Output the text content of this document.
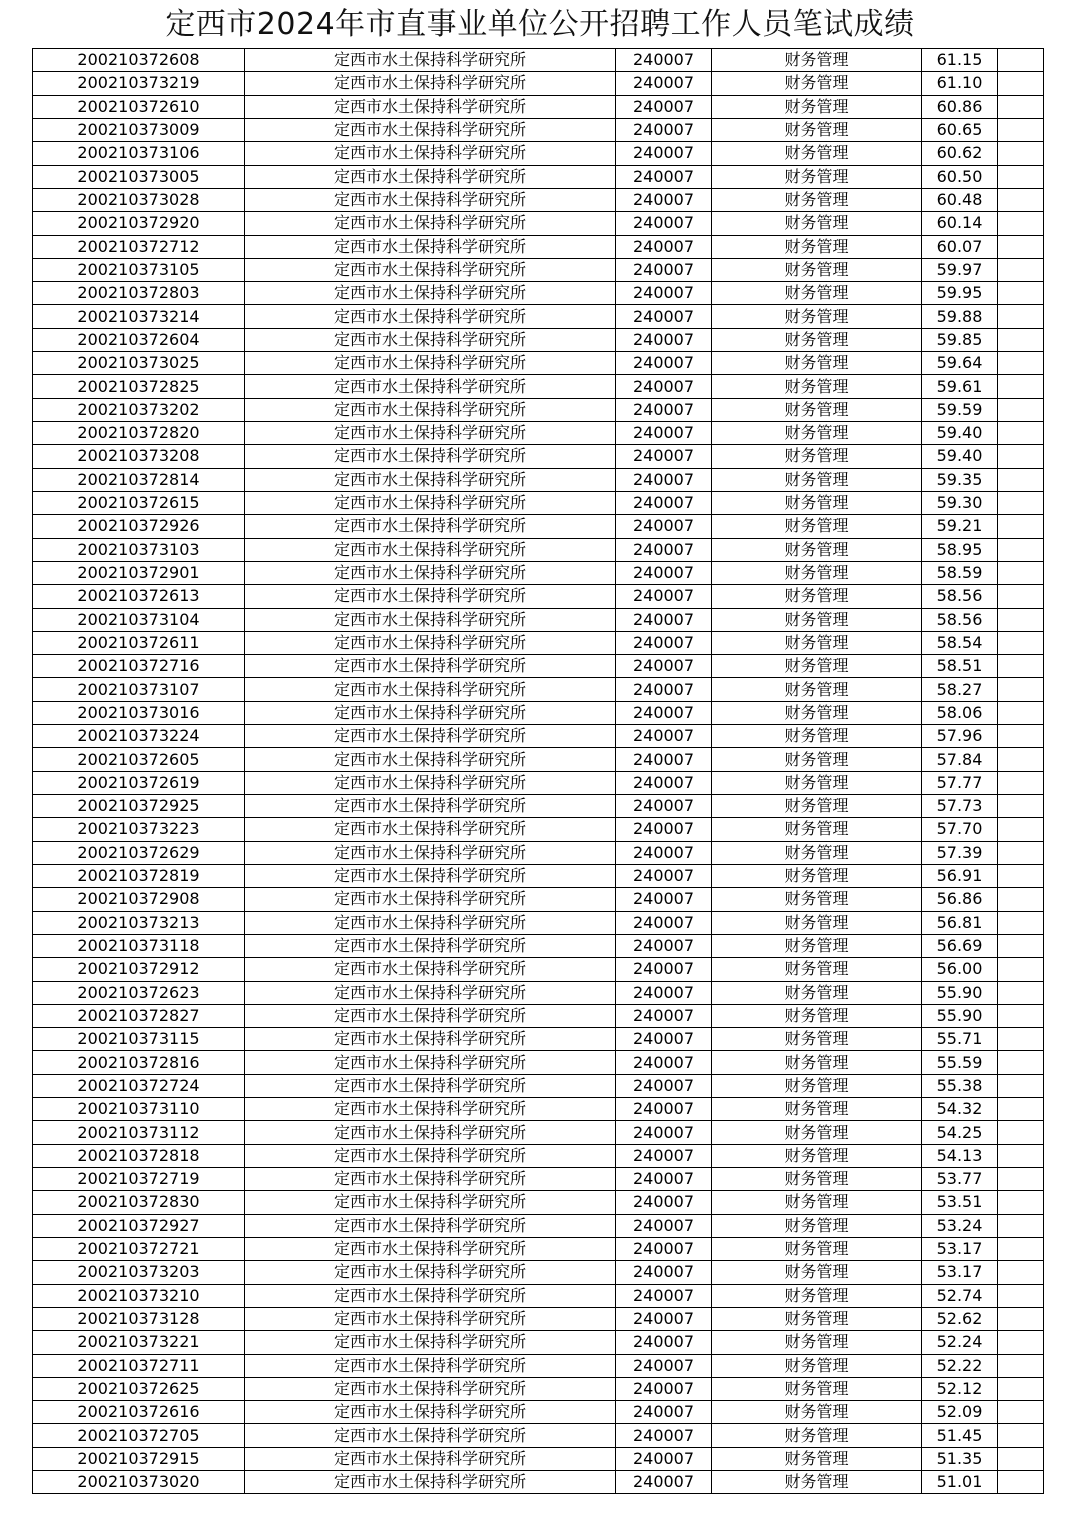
定西市2024年市直事业单位公开招聘工作人员笔试成绩
200210372608	定西市水土保持科学研究所	240007	财务管理	61.15	
200210373219	定西市水土保持科学研究所	240007	财务管理	61.10	
200210372610	定西市水土保持科学研究所	240007	财务管理	60.86	
200210373009	定西市水土保持科学研究所	240007	财务管理	60.65	
200210373106	定西市水土保持科学研究所	240007	财务管理	60.62	
200210373005	定西市水土保持科学研究所	240007	财务管理	60.50	
200210373028	定西市水土保持科学研究所	240007	财务管理	60.48	
200210372920	定西市水土保持科学研究所	240007	财务管理	60.14	
200210372712	定西市水土保持科学研究所	240007	财务管理	60.07	
200210373105	定西市水土保持科学研究所	240007	财务管理	59.97	
200210372803	定西市水土保持科学研究所	240007	财务管理	59.95	
200210373214	定西市水土保持科学研究所	240007	财务管理	59.88	
200210372604	定西市水土保持科学研究所	240007	财务管理	59.85	
200210373025	定西市水土保持科学研究所	240007	财务管理	59.64	
200210372825	定西市水土保持科学研究所	240007	财务管理	59.61	
200210373202	定西市水土保持科学研究所	240007	财务管理	59.59	
200210372820	定西市水土保持科学研究所	240007	财务管理	59.40	
200210373208	定西市水土保持科学研究所	240007	财务管理	59.40	
200210372814	定西市水土保持科学研究所	240007	财务管理	59.35	
200210372615	定西市水土保持科学研究所	240007	财务管理	59.30	
200210372926	定西市水土保持科学研究所	240007	财务管理	59.21	
200210373103	定西市水土保持科学研究所	240007	财务管理	58.95	
200210372901	定西市水土保持科学研究所	240007	财务管理	58.59	
200210372613	定西市水土保持科学研究所	240007	财务管理	58.56	
200210373104	定西市水土保持科学研究所	240007	财务管理	58.56	
200210372611	定西市水土保持科学研究所	240007	财务管理	58.54	
200210372716	定西市水土保持科学研究所	240007	财务管理	58.51	
200210373107	定西市水土保持科学研究所	240007	财务管理	58.27	
200210373016	定西市水土保持科学研究所	240007	财务管理	58.06	
200210373224	定西市水土保持科学研究所	240007	财务管理	57.96	
200210372605	定西市水土保持科学研究所	240007	财务管理	57.84	
200210372619	定西市水土保持科学研究所	240007	财务管理	57.77	
200210372925	定西市水土保持科学研究所	240007	财务管理	57.73	
200210373223	定西市水土保持科学研究所	240007	财务管理	57.70	
200210372629	定西市水土保持科学研究所	240007	财务管理	57.39	
200210372819	定西市水土保持科学研究所	240007	财务管理	56.91	
200210372908	定西市水土保持科学研究所	240007	财务管理	56.86	
200210373213	定西市水土保持科学研究所	240007	财务管理	56.81	
200210373118	定西市水土保持科学研究所	240007	财务管理	56.69	
200210372912	定西市水土保持科学研究所	240007	财务管理	56.00	
200210372623	定西市水土保持科学研究所	240007	财务管理	55.90	
200210372827	定西市水土保持科学研究所	240007	财务管理	55.90	
200210373115	定西市水土保持科学研究所	240007	财务管理	55.71	
200210372816	定西市水土保持科学研究所	240007	财务管理	55.59	
200210372724	定西市水土保持科学研究所	240007	财务管理	55.38	
200210373110	定西市水土保持科学研究所	240007	财务管理	54.32	
200210373112	定西市水土保持科学研究所	240007	财务管理	54.25	
200210372818	定西市水土保持科学研究所	240007	财务管理	54.13	
200210372719	定西市水土保持科学研究所	240007	财务管理	53.77	
200210372830	定西市水土保持科学研究所	240007	财务管理	53.51	
200210372927	定西市水土保持科学研究所	240007	财务管理	53.24	
200210372721	定西市水土保持科学研究所	240007	财务管理	53.17	
200210373203	定西市水土保持科学研究所	240007	财务管理	53.17	
200210373210	定西市水土保持科学研究所	240007	财务管理	52.74	
200210373128	定西市水土保持科学研究所	240007	财务管理	52.62	
200210373221	定西市水土保持科学研究所	240007	财务管理	52.24	
200210372711	定西市水土保持科学研究所	240007	财务管理	52.22	
200210372625	定西市水土保持科学研究所	240007	财务管理	52.12	
200210372616	定西市水土保持科学研究所	240007	财务管理	52.09	
200210372705	定西市水土保持科学研究所	240007	财务管理	51.45	
200210372915	定西市水土保持科学研究所	240007	财务管理	51.35	
200210373020	定西市水土保持科学研究所	240007	财务管理	51.01	
